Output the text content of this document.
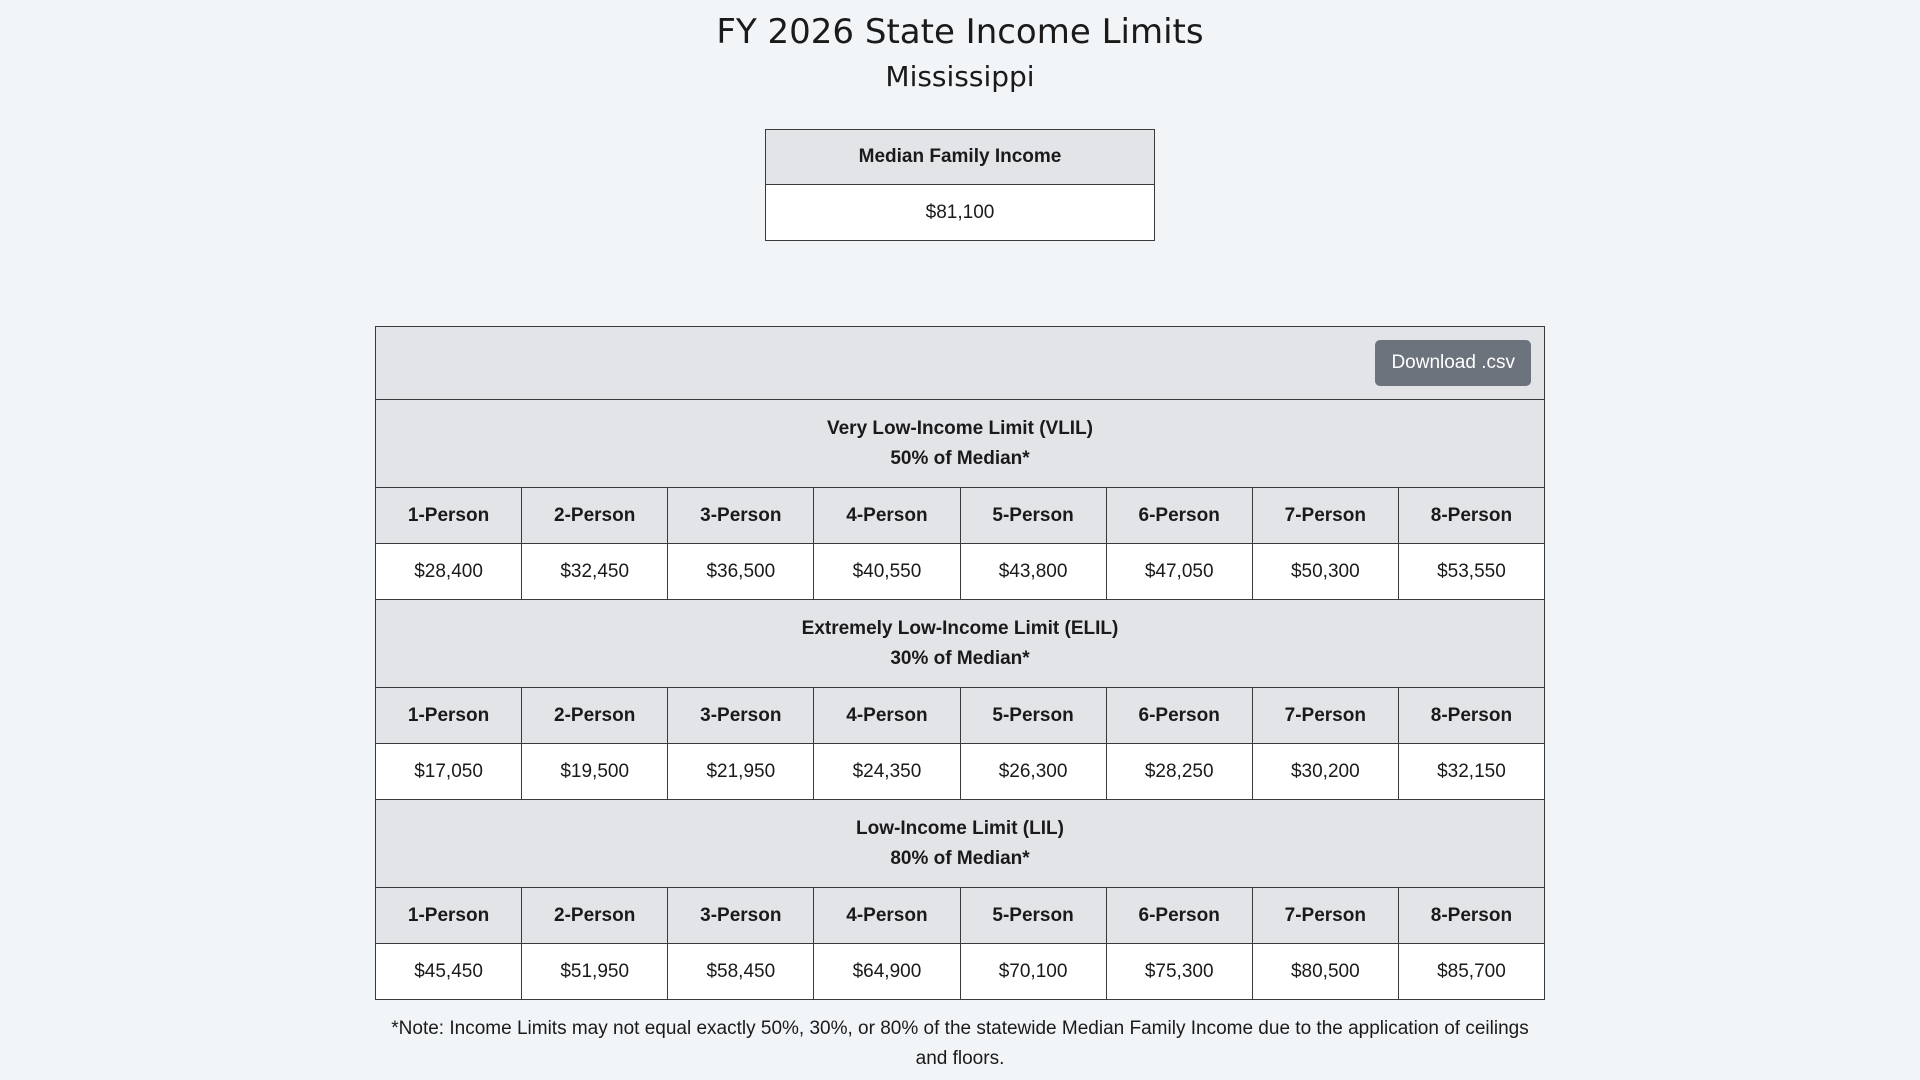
FY 2026 State Income Limits
Mississippi
Median Family Income
$81,100
Download .csv							

Very Low-Income Limit (VLIL)
50% of Median*							

1-Person	2-Person	3-Person	4-Person	5-Person	6-Person	7-Person	8-Person
$28,400	$32,450	$36,500	$40,550	$43,800	$47,050	$50,300	$53,550

Extremely Low-Income Limit (ELIL)
30% of Median*							

1-Person	2-Person	3-Person	4-Person	5-Person	6-Person	7-Person	8-Person
$17,050	$19,500	$21,950	$24,350	$26,300	$28,250	$30,200	$32,150

Low-Income Limit (LIL)
80% of Median*							

1-Person	2-Person	3-Person	4-Person	5-Person	6-Person	7-Person	8-Person
$45,450	$51,950	$58,450	$64,900	$70,100	$75,300	$80,500	$85,700
*Note: Income Limits may not equal exactly 50%, 30%, or 80% of the statewide Median Family Income due to the application of ceilings and floors.
